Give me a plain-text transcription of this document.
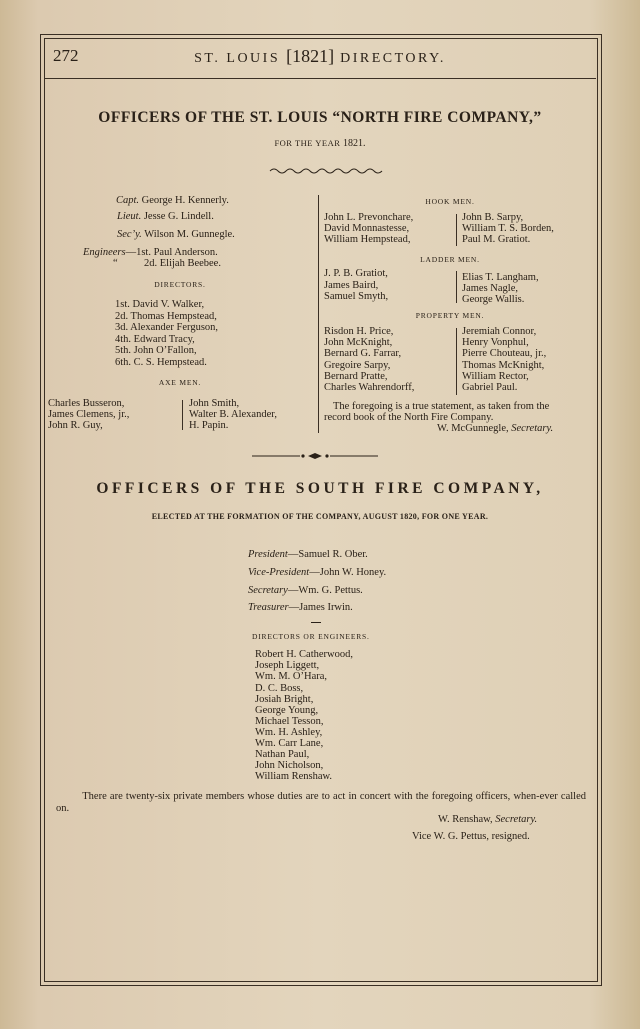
272	ST. LOUIS [1821] DIRECTORY.
OFFICERS OF THE ST. LOUIS “NORTH FIRE COMPANY,”
FOR THE YEAR 1821.
Capt. George H. Kennerly.
Lieut. Jesse G. Lindell.
Sec’y. Wilson M. Gunnegle.
Engineers—1st. Paul Anderson.
“	2d. Elijah Beebee.
DIRECTORS.
1st. David V. Walker,
2d. Thomas Hempstead,
3d. Alexander Ferguson,
4th. Edward Tracy,
5th. John O’Fallon,
6th. C. S. Hempstead.
AXE MEN.
Charles Busseron,
James Clemens, jr.,
John R. Guy,
John Smith,
Walter B. Alexander,
H. Papin.
HOOK MEN.
John L. Prevonchare,
David Monnastesse,
William Hempstead,
John B. Sarpy,
William T. S. Borden,
Paul M. Gratiot.
LADDER MEN.
J. P. B. Gratiot,
James Baird,
Samuel Smyth,
Elias T. Langham,
James Nagle,
George Wallis.
PROPERTY MEN.
Risdon H. Price,
John McKnight,
Bernard G. Farrar,
Gregoire Sarpy,
Bernard Pratte,
Charles Wahrendorff,
Jeremiah Connor,
Henry Vonphul,
Pierre Chouteau, jr.,
Thomas McKnight,
William Rector,
Gabriel Paul.
The foregoing is a true statement, as taken from the
record book of the North Fire Company.
W. McGunnegle, Secretary.
OFFICERS OF THE SOUTH FIRE COMPANY,
ELECTED AT THE FORMATION OF THE COMPANY, AUGUST 1820, FOR ONE YEAR.
President—Samuel R. Ober.
Vice-President—John W. Honey.
Secretary—Wm. G. Pettus.
Treasurer—James Irwin.
DIRECTORS OR ENGINEERS.
Robert H. Catherwood,
Joseph Liggett,
Wm. M. O’Hara,
D. C. Boss,
Josiah Bright,
George Young,
Michael Tesson,
Wm. H. Ashley,
Wm. Carr Lane,
Nathan Paul,
John Nicholson,
William Renshaw.
There are twenty-six private members whose duties are to act in concert with the foregoing officers, when-ever called on.
W. Renshaw, Secretary.
Vice W. G. Pettus, resigned.
